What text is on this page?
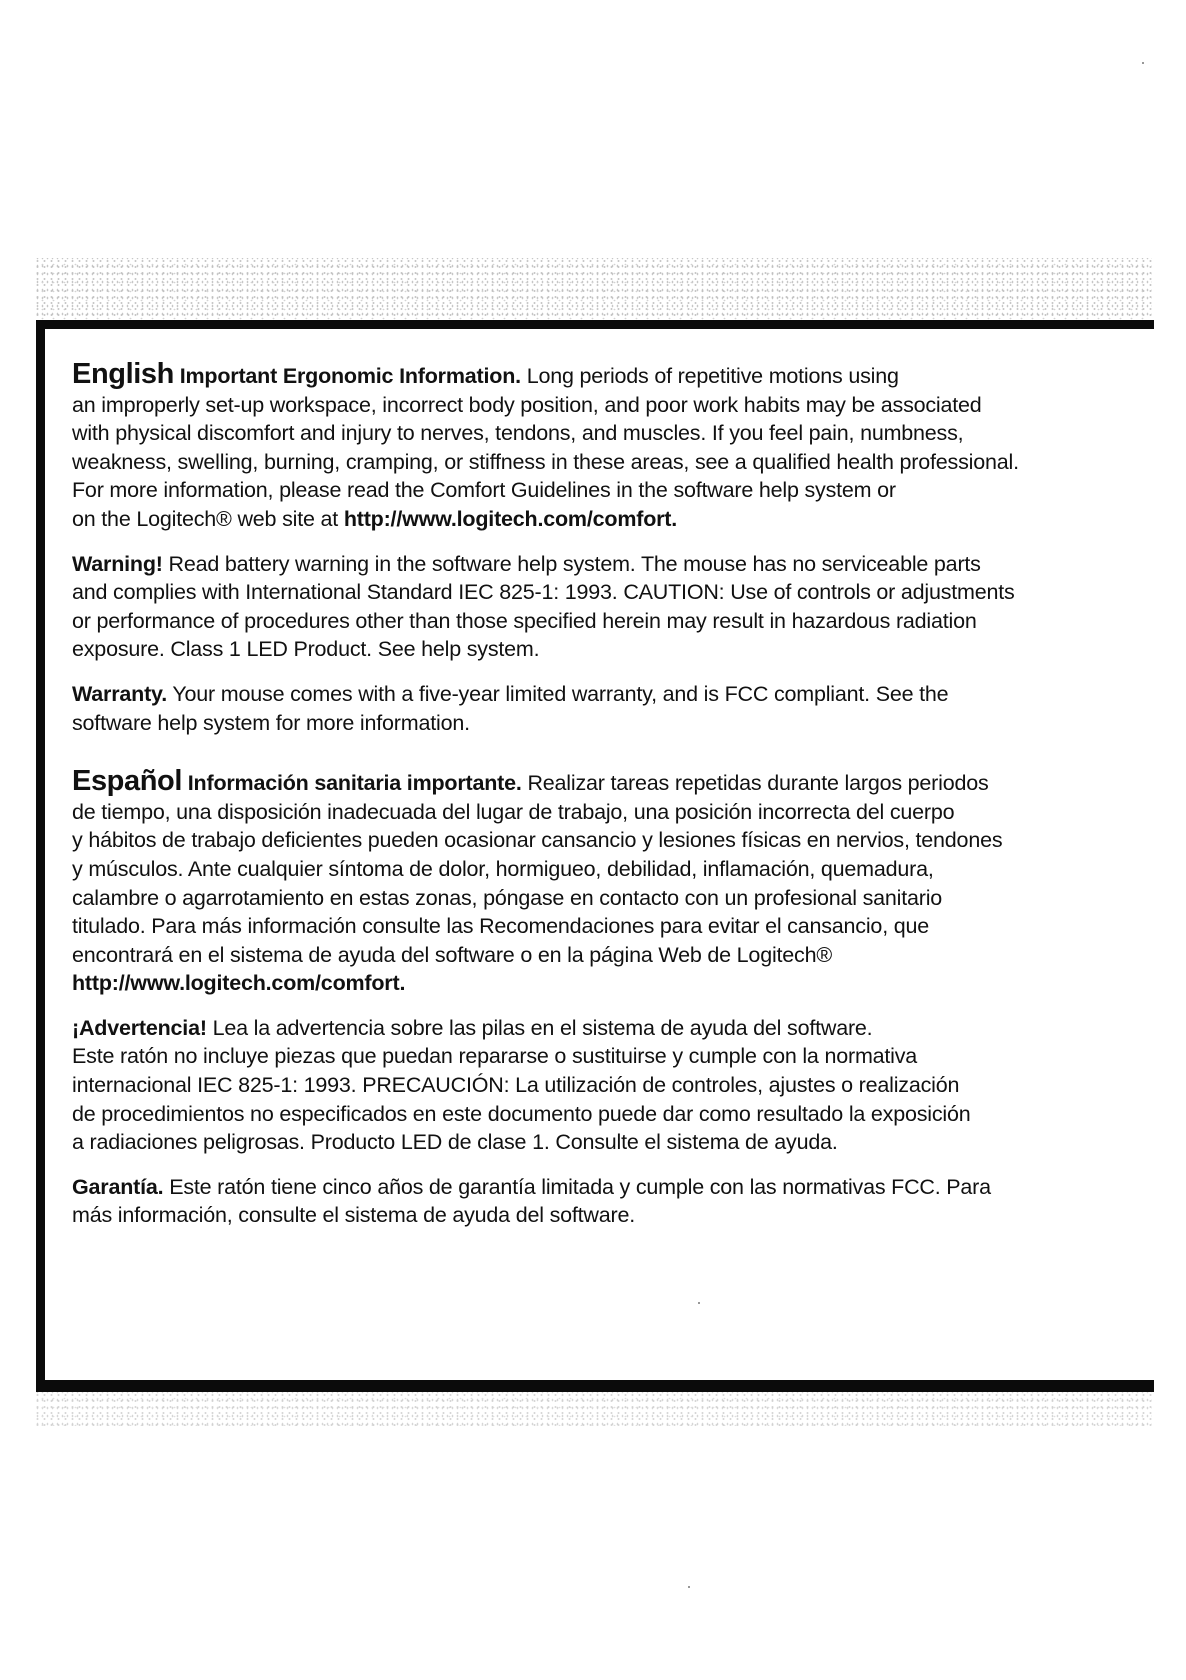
English Important Ergonomic Information. Long periods of repetitive motions using
an improperly set-up workspace, incorrect body position, and poor work habits may be associated
with physical discomfort and injury to nerves, tendons, and muscles. If you feel pain, numbness,
weakness, swelling, burning, cramping, or stiffness in these areas, see a qualified health professional.
For more information, please read the Comfort Guidelines in the software help system or
on the Logitech® web site at http://www.logitech.com/comfort.
Warning! Read battery warning in the software help system. The mouse has no serviceable parts
and complies with International Standard IEC 825-1: 1993. CAUTION: Use of controls or adjustments
or performance of procedures other than those specified herein may result in hazardous radiation
exposure. Class 1 LED Product. See help system.
Warranty. Your mouse comes with a five-year limited warranty, and is FCC compliant. See the
software help system for more information.
Español Información sanitaria importante. Realizar tareas repetidas durante largos periodos
de tiempo, una disposición inadecuada del lugar de trabajo, una posición incorrecta del cuerpo
y hábitos de trabajo deficientes pueden ocasionar cansancio y lesiones físicas en nervios, tendones
y músculos. Ante cualquier síntoma de dolor, hormigueo, debilidad, inflamación, quemadura,
calambre o agarrotamiento en estas zonas, póngase en contacto con un profesional sanitario
titulado. Para más información consulte las Recomendaciones para evitar el cansancio, que
encontrará en el sistema de ayuda del software o en la página Web de Logitech®
http://www.logitech.com/comfort.
¡Advertencia! Lea la advertencia sobre las pilas en el sistema de ayuda del software.
Este ratón no incluye piezas que puedan repararse o sustituirse y cumple con la normativa
internacional IEC 825-1: 1993. PRECAUCIÓN: La utilización de controles, ajustes o realización
de procedimientos no especificados en este documento puede dar como resultado la exposición
a radiaciones peligrosas. Producto LED de clase 1. Consulte el sistema de ayuda.
Garantía. Este ratón tiene cinco años de garantía limitada y cumple con las normativas FCC. Para
más información, consulte el sistema de ayuda del software.
